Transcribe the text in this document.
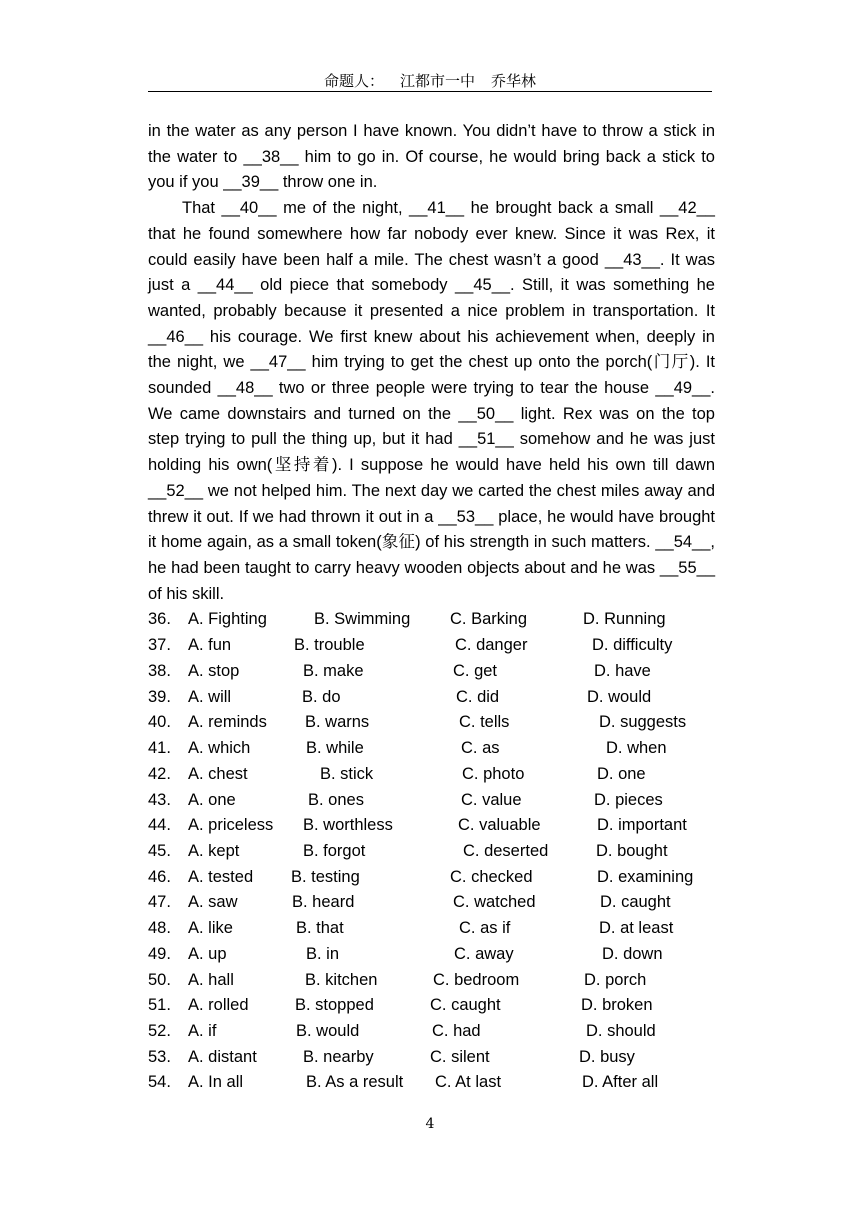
命题人： 江都市一中 乔华林

in the water as any person I have known. You didn’t have to throw a stick in the water to __38__ him to go in. Of course, he would bring back a stick to you if you __39__ throw one in.

That __40__ me of the night, __41__ he brought back a small __42__ that he found somewhere how far nobody ever knew. Since it was Rex, it could easily have been half a mile. The chest wasn’t a good __43__. It was just a __44__ old piece that somebody __45__. Still, it was something he wanted, probably because it presented a nice problem in transportation. It __46__ his courage. We first knew about his achievement when, deeply in the night, we __47__ him trying to get the chest up onto the porch(门厅). It sounded __48__ two or three people were trying to tear the house __49__. We came downstairs and turned on the __50__ light. Rex was on the top step trying to pull the thing up, but it had __51__ somehow and he was just holding his own(坚持着). I suppose he would have held his own till dawn __52__ we not helped him. The next day we carted the chest miles away and threw it out. If we had thrown it out in a __53__ place, he would have brought it home again, as a small token(象征) of his strength in such matters. __54__, he had been taught to carry heavy wooden objects about and he was __55__ of his skill.

36. A. Fighting	B. Swimming C. Barking	D. Running
37. A. fun	B. trouble	C. danger	D. difficulty
38. A. stop	B. make	C. get	D. have
39. A. will	B. do	C. did	D. would
40. A. reminds B. warns	C. tells	D. suggests
41. A. which	B. while	C. as	D. when
42. A. chest	B. stick	C. photo	D. one
43. A. one	B. ones	C. value	D. pieces
44. A. priceless B. worthless	C. valuable	D. important
45. A. kept	B. forgot	C. deserted	D. bought
46. A. tested B. testing	C. checked	D. examining
47. A. saw	B. heard	C. watched	D. caught
48. A. like	B. that	C. as if	D. at least
49. A. up	B. in	C. away	D. down
50. A. hall	B. kitchen	C. bedroom	D. porch
51. A. rolled	B. stopped	C. caught	D. broken
52. A. if	B. would	C. had	D. should
53. A. distant	B. nearby	C. silent	D. busy
54. A. In all	B. As a result C. At last	D. After all
4
